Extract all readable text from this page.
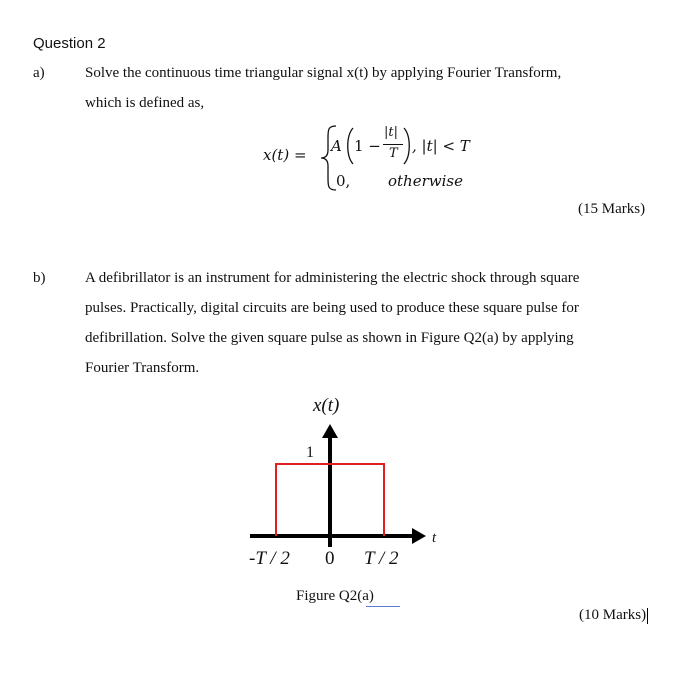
Question 2
a)	Solve the continuous time triangular signal x(t) by applying Fourier Transform,
which is defined as,
x(t) = A 1 −
|t|
T , |t| < T
0,	otherwise
(15 Marks)
b)	A defibrillator is an instrument for administering the electric shock through square
pulses. Practically, digital circuits are being used to produce these square pulse for
defibrillation. Solve the given square pulse as shown in Figure Q2(a) by applying
Fourier Transform.
x(t)
1
t
-T / 2 0 T / 2
Figure Q2(a)
(10 Marks)
